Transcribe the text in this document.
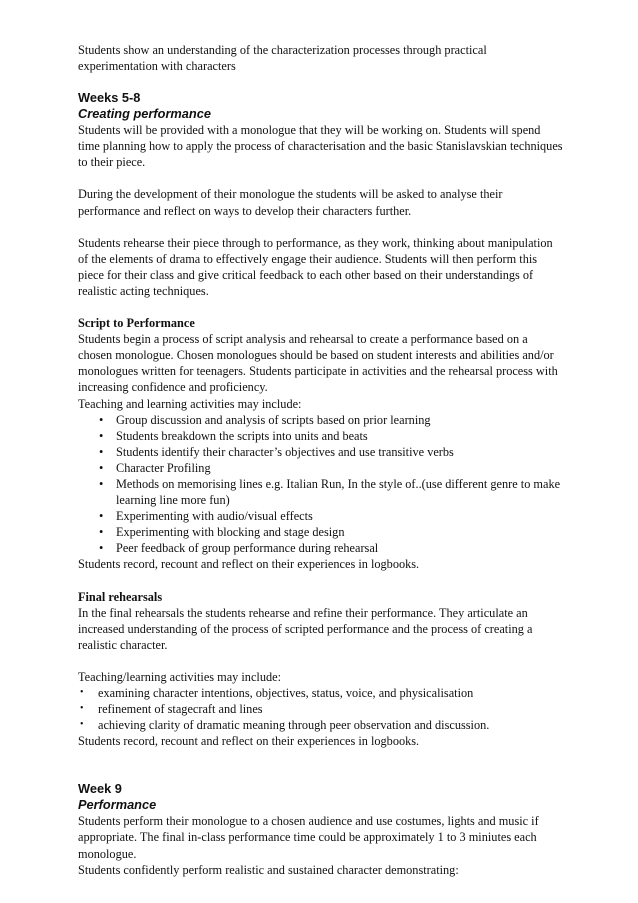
Students show an understanding of the characterization processes through practical experimentation with characters

Weeks 5-8

Creating performance

Students will be provided with a monologue that they will be working on. Students will spend time planning how to apply the process of characterisation and the basic Stanislavskian techniques to their piece.

During the development of their monologue the students will be asked to analyse their performance and reflect on ways to develop their characters further.

Students rehearse their piece through to performance, as they work, thinking about manipulation of the elements of drama to effectively engage their audience. Students will then perform this piece for their class and give critical feedback to each other based on their understandings of realistic acting techniques.

Script to Performance

Students begin a process of script analysis and rehearsal to create a performance based on a chosen monologue. Chosen monologues should be based on student interests and abilities and/or monologues written for teenagers. Students participate in activities and the rehearsal process with increasing confidence and proficiency.

Teaching and learning activities may include:

• Group discussion and analysis of scripts based on prior learning
• Students breakdown the scripts into units and beats
• Students identify their character’s objectives and use transitive verbs
• Character Profiling
• Methods on memorising lines e.g. Italian Run, In the style of..(use different genre to make learning line more fun)
• Experimenting with audio/visual effects
• Experimenting with blocking and stage design
• Peer feedback of group performance during rehearsal

Students record, recount and reflect on their experiences in logbooks.

Final rehearsals

In the final rehearsals the students rehearse and refine their performance. They articulate an increased understanding of the process of scripted performance and the process of creating a realistic character.

Teaching/learning activities may include:

• examining character intentions, objectives, status, voice, and physicalisation
• refinement of stagecraft and lines
• achieving clarity of dramatic meaning through peer observation and discussion.

Students record, recount and reflect on their experiences in logbooks.

Week 9

Performance

Students perform their monologue to a chosen audience and use costumes, lights and music if appropriate. The final in-class performance time could be approximately 1 to 3 miniutes each monologue.

Students confidently perform realistic and sustained character demonstrating:
